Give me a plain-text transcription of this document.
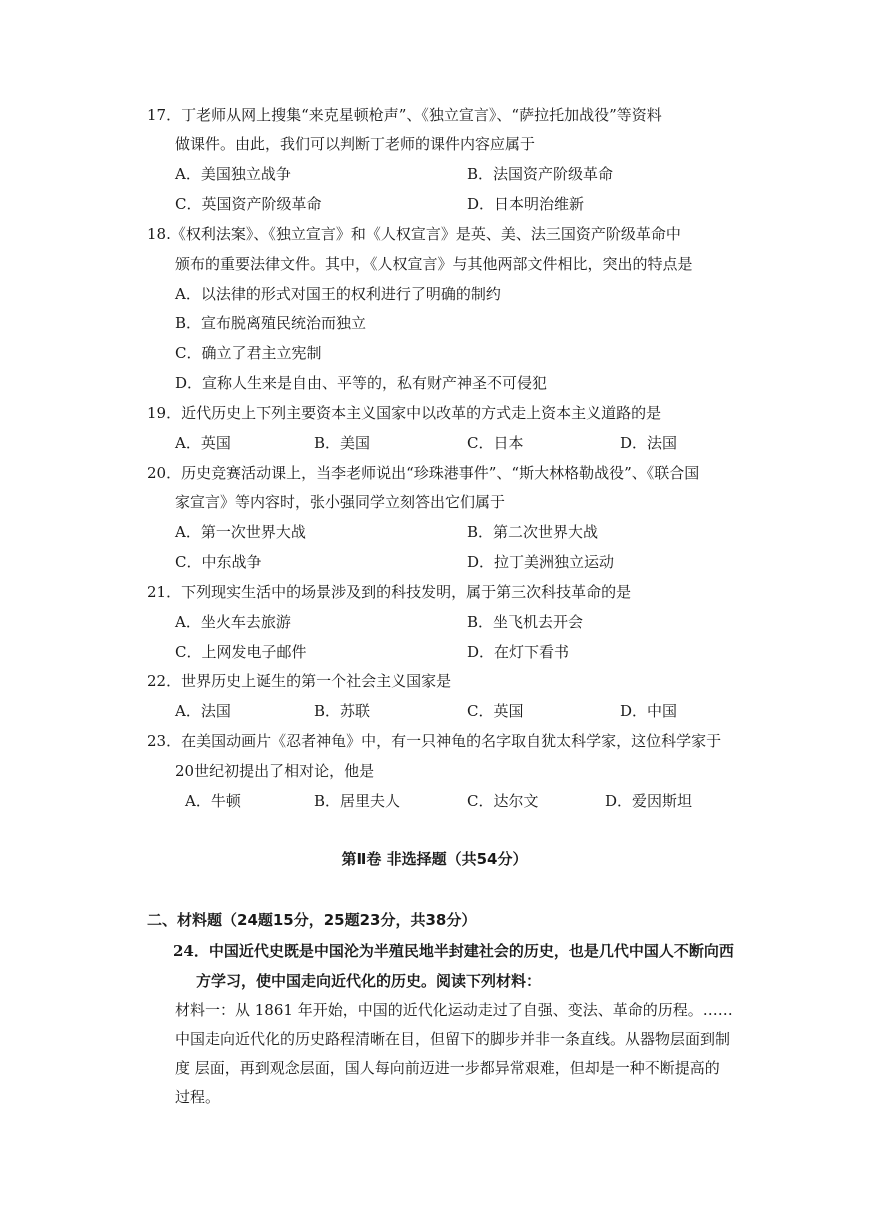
17．丁老师从网上搜集“来克星顿枪声”、《独立宣言》、“萨拉托加战役”等资料
做课件。由此，我们可以判断丁老师的课件内容应属于
A．美国独立战争	B．法国资产阶级革命
C．英国资产阶级革命	D．日本明治维新
18.《权利法案》、《独立宣言》和《人权宣言》是英、美、法三国资产阶级革命中
颁布的重要法律文件。其中，《人权宣言》与其他两部文件相比，突出的特点是
A．以法律的形式对国王的权利进行了明确的制约
B．宣布脱离殖民统治而独立
C．确立了君主立宪制
D．宣称人生来是自由、平等的，私有财产神圣不可侵犯
19．近代历史上下列主要资本主义国家中以改革的方式走上资本主义道路的是
A．英国	B．美国	C．日本	D．法国
20．历史竞赛活动课上，当李老师说出“珍珠港事件”、“斯大林格勒战役”、《联合国
家宣言》等内容时，张小强同学立刻答出它们属于
A．第一次世界大战	B．第二次世界大战
C．中东战争	D．拉丁美洲独立运动
21．下列现实生活中的场景涉及到的科技发明，属于第三次科技革命的是
A．坐火车去旅游	B．坐飞机去开会
C．上网发电子邮件	D．在灯下看书
22．世界历史上诞生的第一个社会主义国家是
A．法国	B．苏联	C．英国	D．中国
23．在美国动画片《忍者神龟》中，有一只神龟的名字取自犹太科学家，这位科学家于
20世纪初提出了相对论，他是
A．牛顿	B．居里夫人	C．达尔文	D．爱因斯坦
第Ⅱ卷 非选择题（共54分）
二、材料题（24题15分，25题23分，共38分）
24．中国近代史既是中国沦为半殖民地半封建社会的历史，也是几代中国人不断向西
方学习，使中国走向近代化的历史。阅读下列材料：
材料一：从 1861 年开始，中国的近代化运动走过了自强、变法、革命的历程。……
中国走向近代化的历史路程清晰在目，但留下的脚步并非一条直线。从器物层面到制
度 层面，再到观念层面，国人每向前迈进一步都异常艰难，但却是一种不断提高的
过程。
